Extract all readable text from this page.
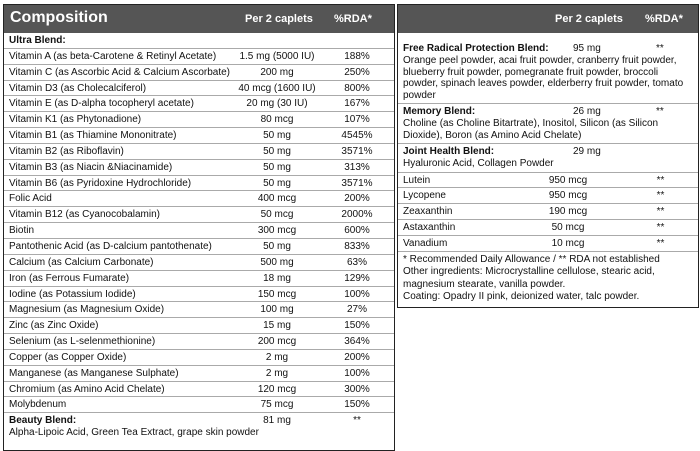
Composition	Per 2 caplets %RDA*
Ultra Blend:
Vitamin A (as beta-Carotene & Retinyl Acetate)	1.5 mg (5000 IU)	188%
Vitamin C (as Ascorbic Acid & Calcium Ascorbate)	200 mg	250%
Vitamin D3 (as Cholecalciferol)	40 mcg (1600 IU)	800%
Vitamin E (as D-alpha tocopheryl acetate)	20 mg (30 IU)	167%
Vitamin K1 (as Phytonadione)	80 mcg	107%
Vitamin B1 (as Thiamine Mononitrate)	50 mg	4545%
Vitamin B2 (as Riboflavin)	50 mg	3571%
Vitamin B3 (as Niacin &Niacinamide)	50 mg	313%
Vitamin B6 (as Pyridoxine Hydrochloride)	50 mg	3571%
Folic Acid	400 mcg	200%
Vitamin B12 (as Cyanocobalamin)	50 mcg	2000%
Biotin	300 mcg	600%
Pantothenic Acid (as D-calcium pantothenate)	50 mg	833%
Calcium (as Calcium Carbonate)	500 mg	63%
Iron (as Ferrous Fumarate)	18 mg	129%
Iodine (as Potassium Iodide)	150 mcg	100%
Magnesium (as Magnesium Oxide)	100 mg	27%
Zinc (as Zinc Oxide)	15 mg	150%
Selenium (as L-selenmethionine)	200 mcg	364%
Copper (as Copper Oxide)	2 mg	200%
Manganese (as Manganese Sulphate)	2 mg	100%
Chromium (as Amino Acid Chelate)	120 mcg	300%
Molybdenum	75 mcg	150%
Beauty Blend:	81 mg	**
Alpha-Lipoic Acid, Green Tea Extract, grape skin powder
Per 2 caplets %RDA*
Free Radical Protection Blend: 95 mg	**
Orange peel powder, acai fruit powder, cranberry fruit powder, blueberry fruit powder, pomegranate fruit powder, broccoli powder, spinach leaves powder, elderberry fruit powder, tomato powder
Memory Blend:	26 mg	**
Choline (as Choline Bitartrate), Inositol, Silicon (as Silicon Dioxide), Boron (as Amino Acid Chelate)
Joint Health Blend:	29 mg
Hyaluronic Acid, Collagen Powder
Lutein	950 mcg	**
Lycopene	950 mcg	**
Zeaxanthin	190 mcg	**
Astaxanthin	50 mcg	**
Vanadium	10 mcg	**
* Recommended Daily Allowance / ** RDA not established
Other ingredients: Microcrystalline cellulose, stearic acid, magnesium stearate, vanilla powder.
Coating: Opadry II pink, deionized water, talc powder.
